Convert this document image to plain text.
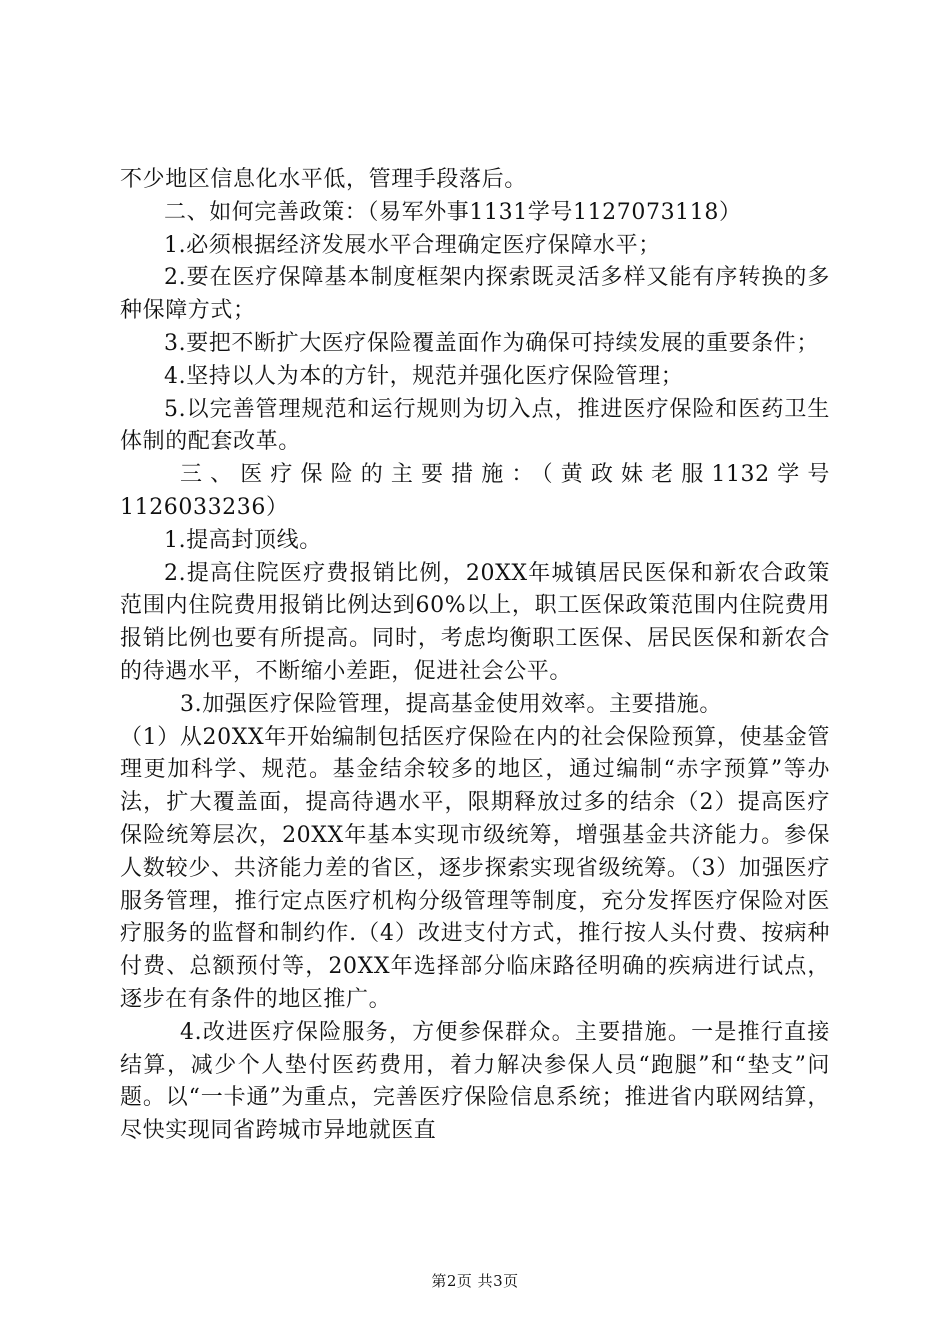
不少地区信息化水平低，管理手段落后。

二、如何完善政策：（易军外事1131学号1127073118）

1.必须根据经济发展水平合理确定医疗保障水平；

2.要在医疗保障基本制度框架内探索既灵活多样又能有序转换的多种保障方式；

3.要把不断扩大医疗保险覆盖面作为确保可持续发展的重要条件；

4.坚持以人为本的方针，规范并强化医疗保险管理；

5.以完善管理规范和运行规则为切入点，推进医疗保险和医药卫生体制的配套改革。

三、医疗保险的主要措施：（黄政妹老服1132学号1126033236）

1.提高封顶线。

2.提高住院医疗费报销比例，20XX年城镇居民医保和新农合政策范围内住院费用报销比例达到60%以上，职工医保政策范围内住院费用报销比例也要有所提高。同时，考虑均衡职工医保、居民医保和新农合的待遇水平，不断缩小差距，促进社会公平。

3.加强医疗保险管理，提高基金使用效率。主要措施。

（1）从20XX年开始编制包括医疗保险在内的社会保险预算，使基金管理更加科学、规范。基金结余较多的地区，通过编制“赤字预算”等办法，扩大覆盖面，提高待遇水平，限期释放过多的结余（2）提高医疗保险统筹层次，20XX年基本实现市级统筹，增强基金共济能力。参保人数较少、共济能力差的省区，逐步探索实现省级统筹。（3）加强医疗服务管理，推行定点医疗机构分级管理等制度，充分发挥医疗保险对医疗服务的监督和制约作.（4）改进支付方式，推行按人头付费、按病种付费、总额预付等，20XX年选择部分临床路径明确的疾病进行试点，逐步在有条件的地区推广。

4.改进医疗保险服务，方便参保群众。主要措施。一是推行直接结算，减少个人垫付医药费用，着力解决参保人员“跑腿”和“垫支”问题。以“一卡通”为重点，完善医疗保险信息系统；推进省内联网结算，尽快实现同省跨城市异地就医直

第2页 共3页
